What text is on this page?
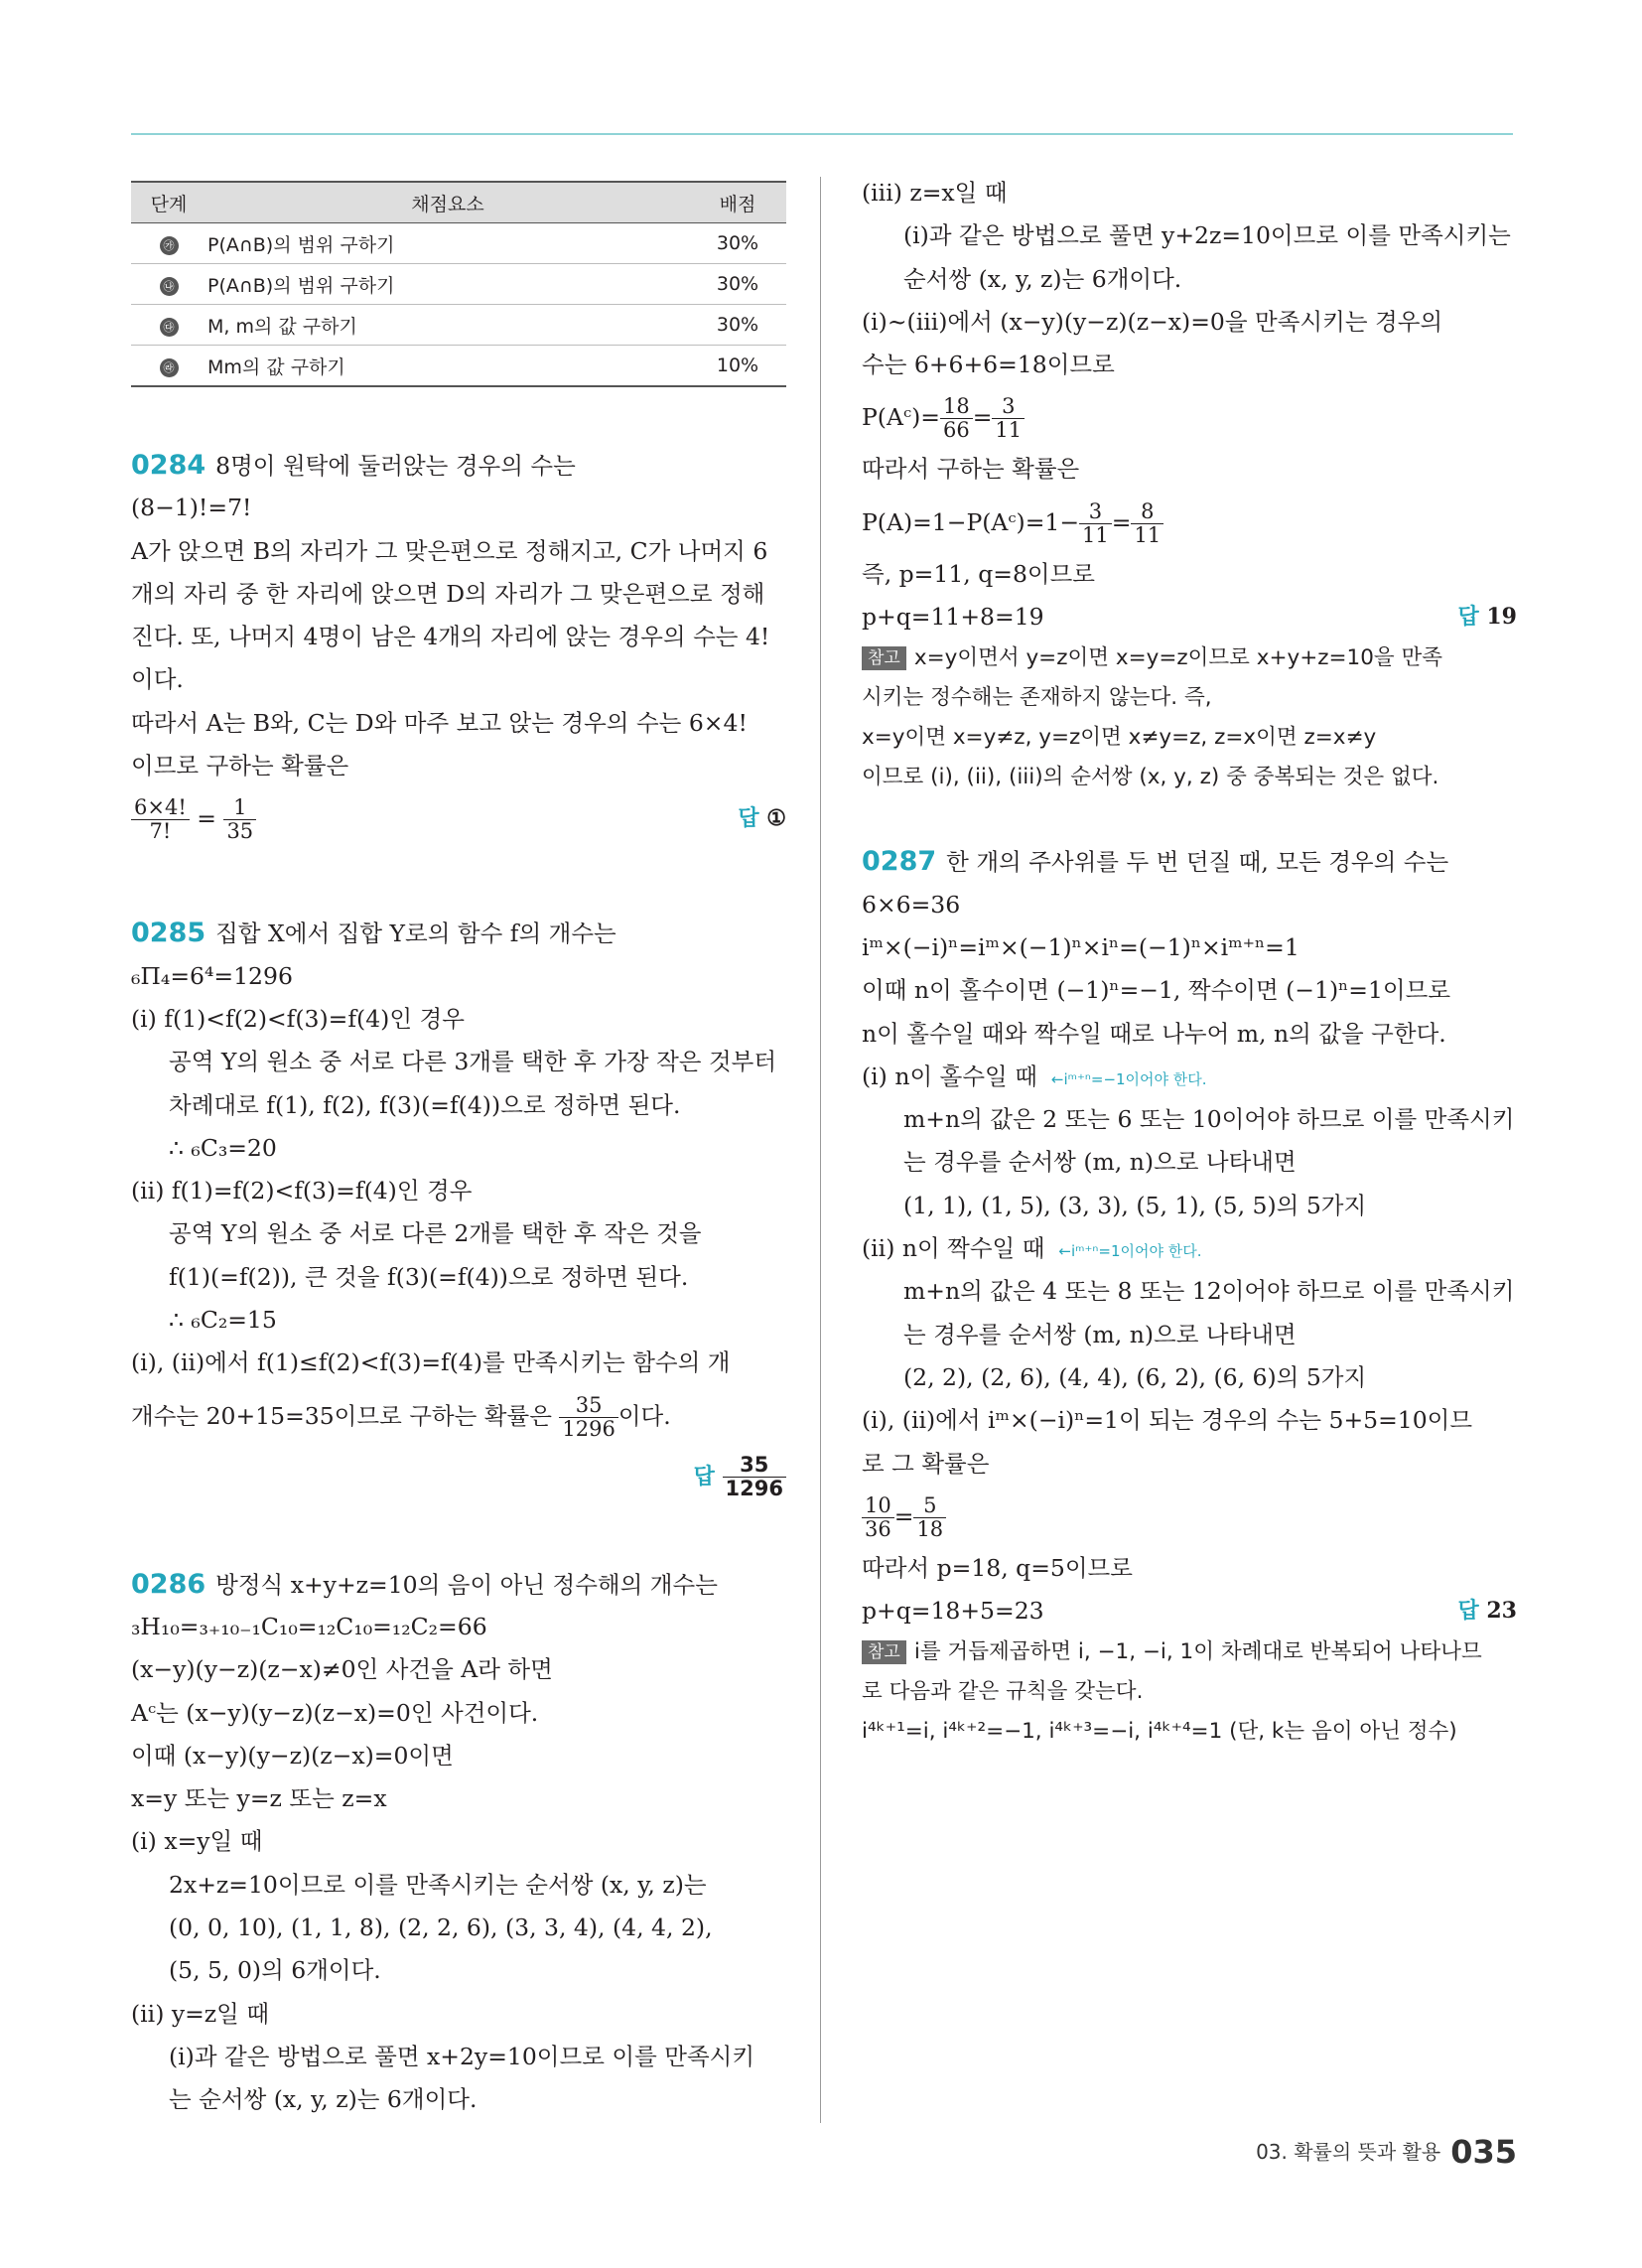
단계	채점요소	배점
㉮	P(A∩B)의 범위 구하기	30%
㉯	P(A∩B)의 범위 구하기	30%
㉰	M, m의 값 구하기	30%
㉱	Mm의 값 구하기	10%
0284 8명이 원탁에 둘러앉는 경우의 수는
(8−1)!=7!
A가 앉으면 B의 자리가 그 맞은편으로 정해지고, C가 나머지 6
개의 자리 중 한 자리에 앉으면 D의 자리가 그 맞은편으로 정해
진다. 또, 나머지 4명이 남은 4개의 자리에 앉는 경우의 수는 4!
이다.
따라서 A는 B와, C는 D와 마주 보고 앉는 경우의 수는 6×4!
이므로 구하는 확률은
$\frac{6\times 4!}{7!} = \frac{1}{35}$	답 ①
0285 집합 X에서 집합 Y로의 함수 f의 개수는
₆Π₄=6⁴=1296
(i) f(1)<f(2)<f(3)=f(4)인 경우
공역 Y의 원소 중 서로 다른 3개를 택한 후 가장 작은 것부터
차례대로 f(1), f(2), f(3)(=f(4))으로 정하면 된다.
∴ ₆C₃=20
(ii) f(1)=f(2)<f(3)=f(4)인 경우
공역 Y의 원소 중 서로 다른 2개를 택한 후 작은 것을
f(1)(=f(2)), 큰 것을 f(3)(=f(4))으로 정하면 된다.
∴ ₆C₂=15
(i), (ii)에서 f(1)≤f(2)<f(3)=f(4)를 만족시키는 함수의 개
개수는 20+15=35이므로 구하는 확률은 $\frac{35}{1296}$ 이다.
답 $\frac{35}{1296}$
0286 방정식 x+y+z=10의 음이 아닌 정수해의 개수는
₃H₁₀=₃₊₁₀₋₁C₁₀=₁₂C₁₀=₁₂C₂=66
(x−y)(y−z)(z−x)≠0인 사건을 A라 하면
Aᶜ는 (x−y)(y−z)(z−x)=0인 사건이다.
이때 (x−y)(y−z)(z−x)=0이면
x=y 또는 y=z 또는 z=x
(i) x=y일 때
2x+z=10이므로 이를 만족시키는 순서쌍 (x, y, z)는
(0, 0, 10), (1, 1, 8), (2, 2, 6), (3, 3, 4), (4, 4, 2),
(5, 5, 0)의 6개이다.
(ii) y=z일 때
(i)과 같은 방법으로 풀면 x+2y=10이므로 이를 만족시키
는 순서쌍 (x, y, z)는 6개이다.
(iii) z=x일 때
(i)과 같은 방법으로 풀면 y+2z=10이므로 이를 만족시키는
순서쌍 (x, y, z)는 6개이다.
(i)~(iii)에서 (x−y)(y−z)(z−x)=0을 만족시키는 경우의
수는 6+6+6=18이므로
P(Aᶜ)= $\frac{18}{66} = \frac{3}{11}$
따라서 구하는 확률은
P(A)=1−P(Aᶜ)=1− $\frac{3}{11} = \frac{8}{11}$
즉, p=11, q=8이므로
p+q=11+8=19	답 19
참고 x=y이면서 y=z이면 x=y=z이므로 x+y+z=10을 만족
시키는 정수해는 존재하지 않는다. 즉,
x=y이면 x=y≠z, y=z이면 x≠y=z, z=x이면 z=x≠y
이므로 (i), (ii), (iii)의 순서쌍 (x, y, z) 중 중복되는 것은 없다.
0287 한 개의 주사위를 두 번 던질 때, 모든 경우의 수는
6×6=36
iᵐ×(−i)ⁿ=iᵐ×(−1)ⁿ×iⁿ=(−1)ⁿ×iᵐ⁺ⁿ=1
이때 n이 홀수이면 (−1)ⁿ=−1, 짝수이면 (−1)ⁿ=1이므로
n이 홀수일 때와 짝수일 때로 나누어 m, n의 값을 구한다.
(i) n이 홀수일 때 ←iᵐ⁺ⁿ=−1이어야 한다.
m+n의 값은 2 또는 6 또는 10이어야 하므로 이를 만족시키
는 경우를 순서쌍 (m, n)으로 나타내면
(1, 1), (1, 5), (3, 3), (5, 1), (5, 5)의 5가지
(ii) n이 짝수일 때 ←iᵐ⁺ⁿ=1이어야 한다.
m+n의 값은 4 또는 8 또는 12이어야 하므로 이를 만족시키
는 경우를 순서쌍 (m, n)으로 나타내면
(2, 2), (2, 6), (4, 4), (6, 2), (6, 6)의 5가지
(i), (ii)에서 iᵐ×(−i)ⁿ=1이 되는 경우의 수는 5+5=10이므
로 그 확률은
$\frac{10}{36} = \frac{5}{18}$
따라서 p=18, q=5이므로
p+q=18+5=23	답 23
참고 i를 거듭제곱하면 i, −1, −i, 1이 차례대로 반복되어 나타나므
로 다음과 같은 규칙을 갖는다.
i⁴ᵏ⁺¹=i, i⁴ᵏ⁺²=−1, i⁴ᵏ⁺³=−i, i⁴ᵏ⁺⁴=1 (단, k는 음이 아닌 정수)
03. 확률의 뜻과 활용 035
